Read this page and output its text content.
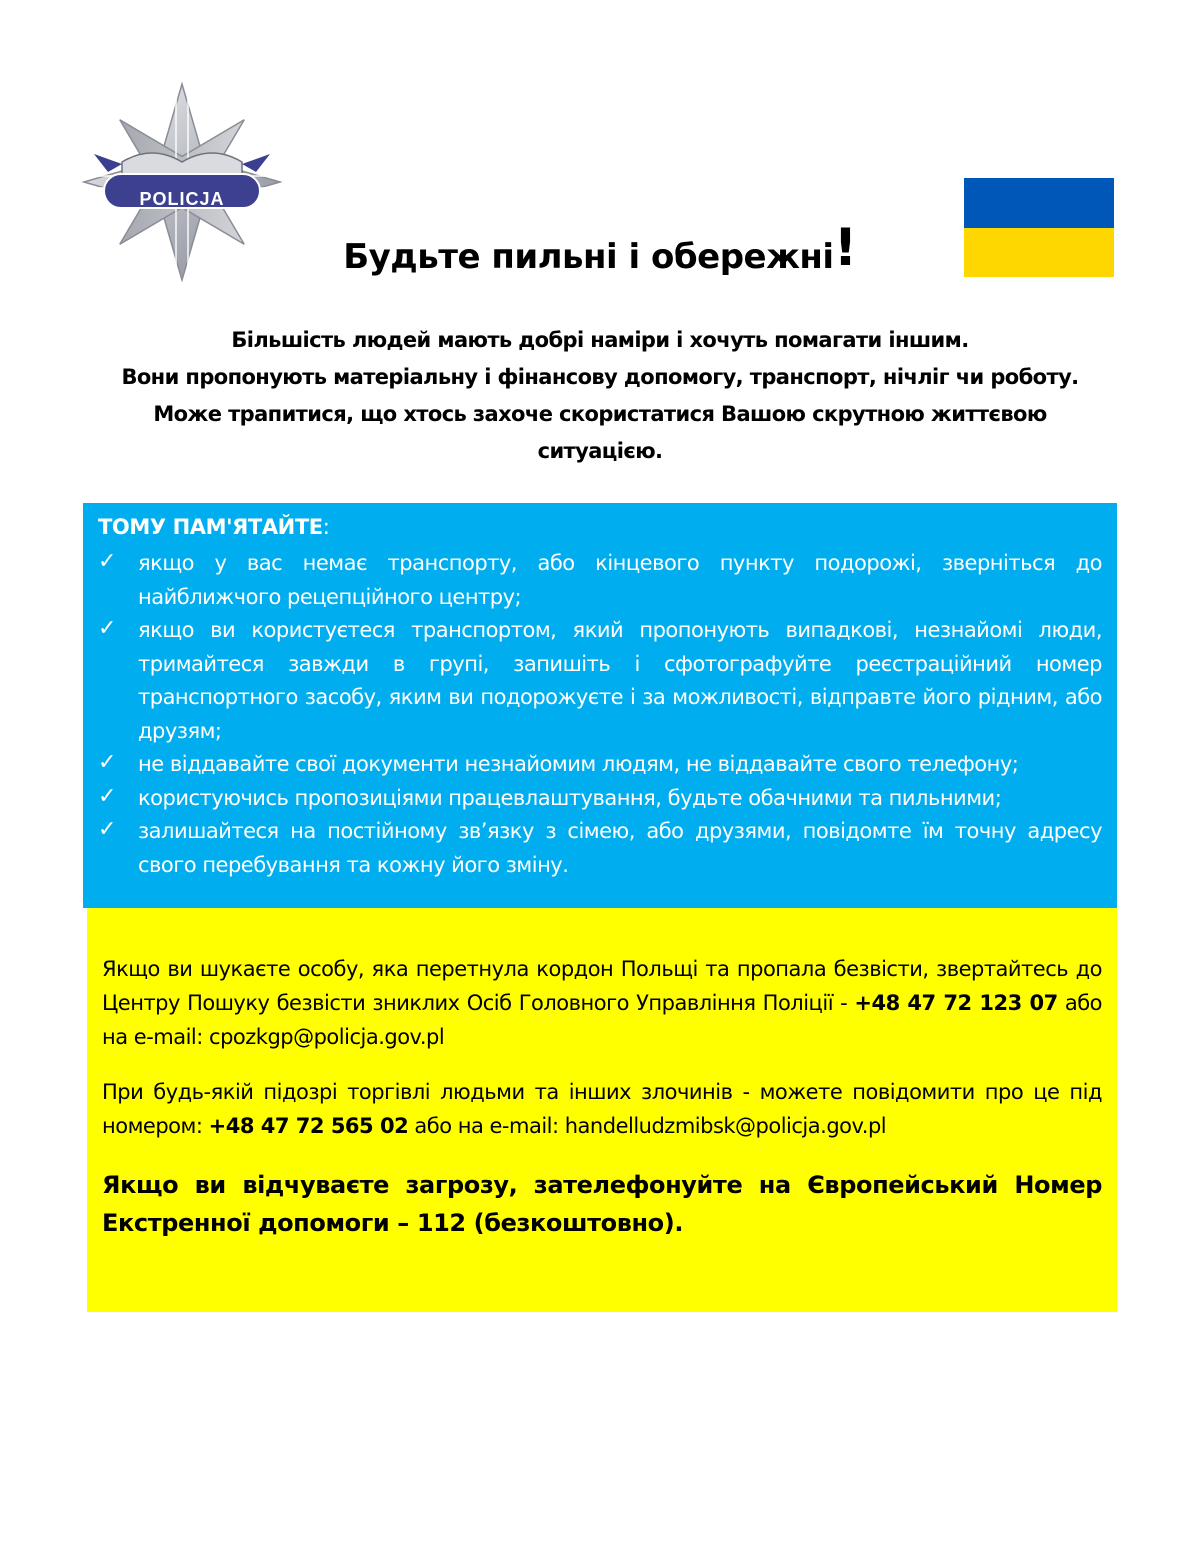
POLICJA
Будьте пильні і обережні!
Більшість людей мають добрі наміри і хочуть помагати іншим.
Вони пропонують матеріальну і фінансову допомогу, транспорт, нічліг чи роботу.
Може трапитися, що хтось захоче скористатися Вашою скрутною життєвою
ситуацією.
ТОМУ ПАМ'ЯТАЙТЕ:
✓ якщо у вас немає транспорту, або кінцевого пункту подорожі, зверніться до найближчого рецепційного центру;
✓ якщо ви користуєтеся транспортом, який пропонують випадкові, незнайомі люди, тримайтеся завжди в групі, запишіть і сфотографуйте реєстраційний номер транспортного засобу, яким ви подорожуєте і за можливості, відправте його рідним, або друзям;
✓ не віддавайте свої документи незнайомим людям, не віддавайте свого телефону;
✓ користуючись пропозиціями працевлаштування, будьте обачними та пильними;
✓ залишайтеся на постійному зв’язку з сімею, або друзями, повідомте їм точну адресу свого перебування та кожну його зміну.
Якщо ви шукаєте особу, яка перетнула кордон Польщі та пропала безвісти, звертайтесь до Центру Пошуку безвісти зниклих Осіб Головного Управління Поліції - +48 47 72 123 07 або на e-mail: cpozkgp@policja.gov.pl
При будь-якій підозрі торгівлі людьми та інших злочинів - можете повідомити про це під номером: +48 47 72 565 02 або на e-mail: handelludzmibsk@policja.gov.pl
Якщо ви відчуваєте загрозу, зателефонуйте на Європейський Номер Екстренної допомоги – 112 (безкоштовно).
